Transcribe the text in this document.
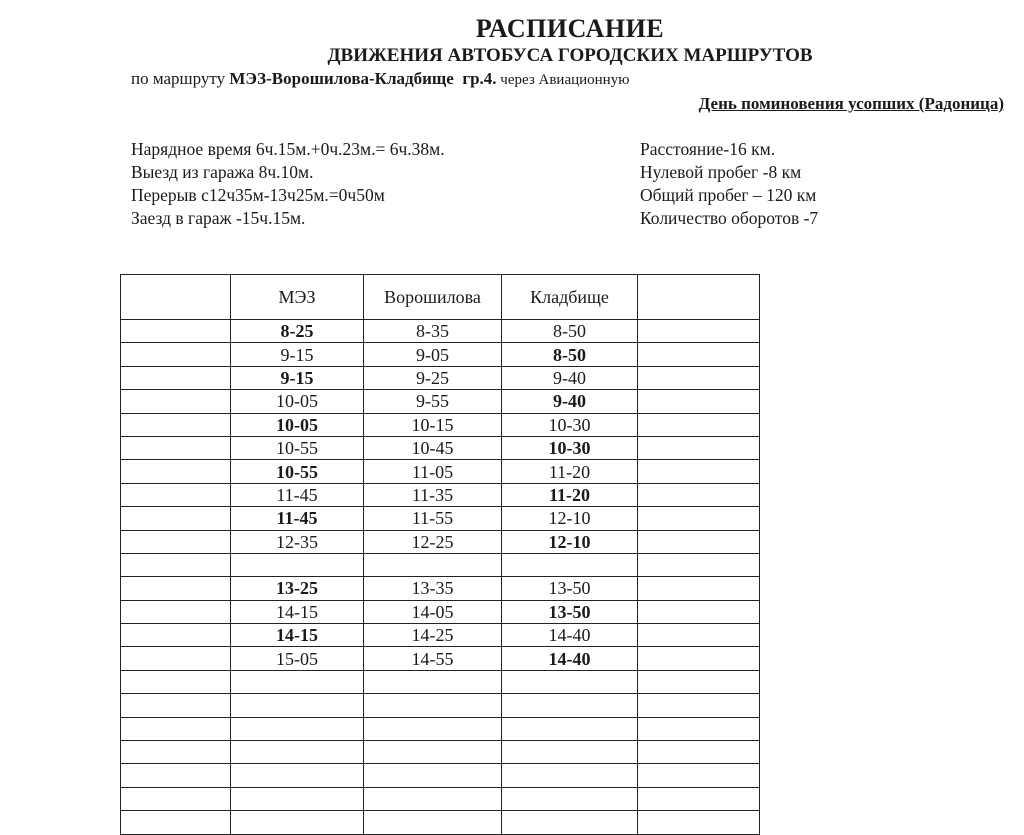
РАСПИСАНИЕ
ДВИЖЕНИЯ АВТОБУСА ГОРОДСКИХ МАРШРУТОВ
по маршруту МЭЗ-Ворошилова-Кладбище гр.4. через Авиационную
День поминовения усопших (Радоница)
Нарядное время 6ч.15м.+0ч.23м.= 6ч.38м.
Выезд из гаража 8ч.10м.
Перерыв с12ч35м-13ч25м.=0ч50м
Заезд в гараж -15ч.15м.
Расстояние-16 км.
Нулевой пробег -8 км
Общий пробег – 120 км
Количество оборотов -7
	МЭЗ	Ворошилова	Кладбище	
	8-25	8-35	8-50	
	9-15	9-05	8-50	
	9-15	9-25	9-40	
	10-05	9-55	9-40	
	10-05	10-15	10-30	
	10-55	10-45	10-30	
	10-55	11-05	11-20	
	11-45	11-35	11-20	
	11-45	11-55	12-10	
	12-35	12-25	12-10	

	13-25	13-35	13-50	
	14-15	14-05	13-50	
	14-15	14-25	14-40	
	15-05	14-55	14-40	
